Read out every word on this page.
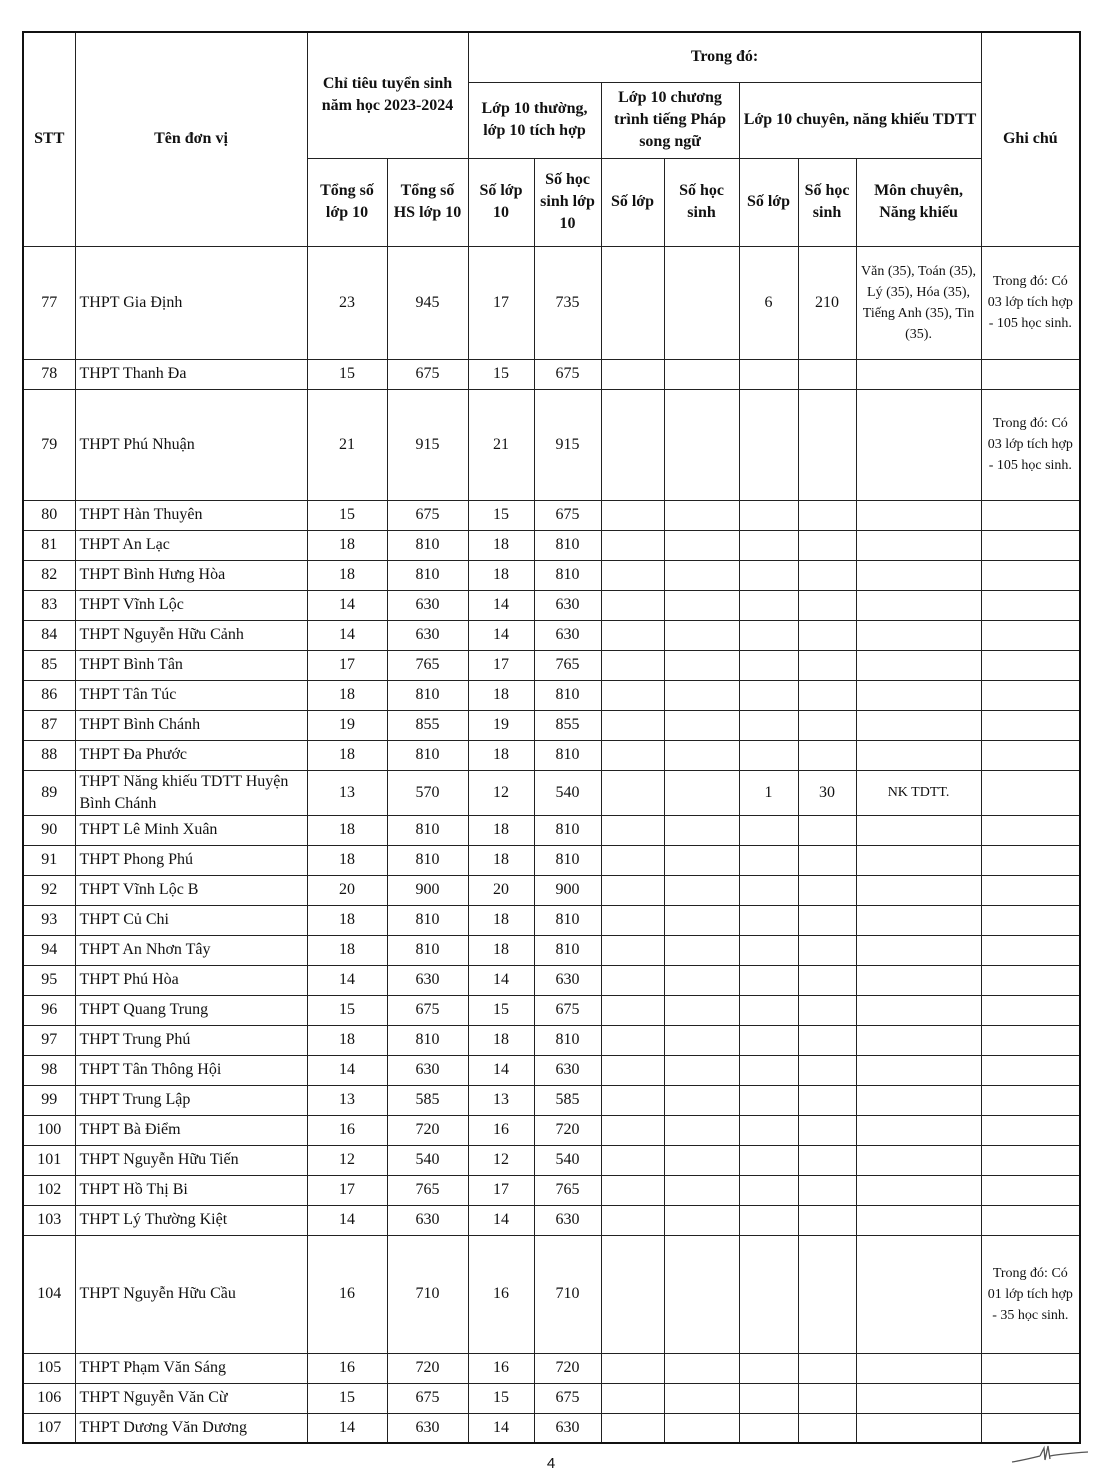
STT	Tên đơn vị	Chỉ tiêu tuyển sinh năm học 2023-2024		Trong đó:							Ghi chú
				Lớp 10 thường, lớp 10 tích hợp		Lớp 10 chương trình tiếng Pháp song ngữ		Lớp 10 chuyên, năng khiếu TDTT			
		Tổng số lớp 10	Tổng số HS lớp 10	Số lớp 10	Số học sinh lớp 10	Số lớp	Số học sinh	Số lớp	Số học sinh	Môn chuyên, Năng khiếu	
77	THPT Gia Định	23	945	17	735			6	210	Văn (35), Toán (35), Lý (35), Hóa (35), Tiếng Anh (35), Tin (35).	Trong đó: Có 03 lớp tích hợp - 105 học sinh.
78	THPT Thanh Đa	15	675	15	675						
79	THPT Phú Nhuận	21	915	21	915						Trong đó: Có 03 lớp tích hợp - 105 học sinh.
80	THPT Hàn Thuyên	15	675	15	675						
81	THPT An Lạc	18	810	18	810						
82	THPT Bình Hưng Hòa	18	810	18	810						
83	THPT Vĩnh Lộc	14	630	14	630						
84	THPT Nguyễn Hữu Cảnh	14	630	14	630						
85	THPT Bình Tân	17	765	17	765						
86	THPT Tân Túc	18	810	18	810						
87	THPT Bình Chánh	19	855	19	855						
88	THPT Đa Phước	18	810	18	810						
89	THPT Năng khiếu TDTT Huyện Bình Chánh	13	570	12	540			1	30	NK TDTT.	
90	THPT Lê Minh Xuân	18	810	18	810						
91	THPT Phong Phú	18	810	18	810						
92	THPT Vĩnh Lộc B	20	900	20	900						
93	THPT Củ Chi	18	810	18	810						
94	THPT An Nhơn Tây	18	810	18	810						
95	THPT Phú Hòa	14	630	14	630						
96	THPT Quang Trung	15	675	15	675						
97	THPT Trung Phú	18	810	18	810						
98	THPT Tân Thông Hội	14	630	14	630						
99	THPT Trung Lập	13	585	13	585						
100	THPT Bà Điểm	16	720	16	720						
101	THPT Nguyễn Hữu Tiến	12	540	12	540						
102	THPT Hồ Thị Bi	17	765	17	765						
103	THPT Lý Thường Kiệt	14	630	14	630						
104	THPT Nguyễn Hữu Cầu	16	710	16	710						Trong đó: Có 01 lớp tích hợp - 35 học sinh.
105	THPT Phạm Văn Sáng	16	720	16	720						
106	THPT Nguyễn Văn Cừ	15	675	15	675						
107	THPT Dương Văn Dương	14	630	14	630						
4
